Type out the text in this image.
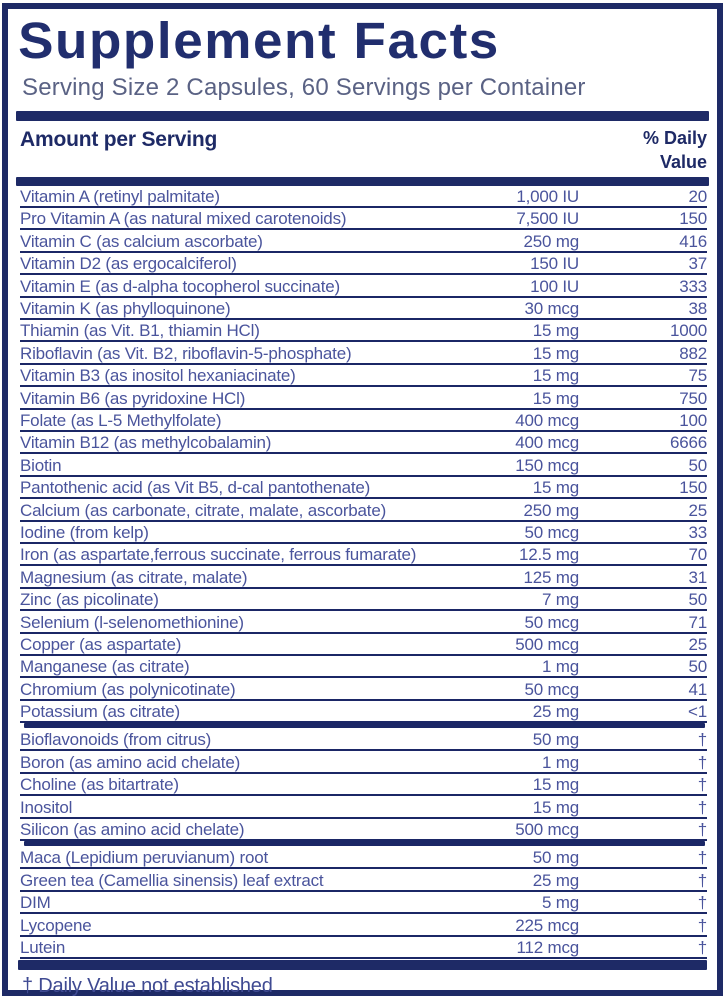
Supplement Facts
Serving Size 2 Capsules, 60 Servings per Container
Amount per Serving	% Daily
Value
Vitamin A (retinyl palmitate)	1,000 IU	20
Pro Vitamin A (as natural mixed carotenoids)	7,500 IU	150
Vitamin C (as calcium ascorbate)	250 mg	416
Vitamin D2 (as ergocalciferol)	150 IU	37
Vitamin E (as d-alpha tocopherol succinate)	100 IU	333
Vitamin K (as phylloquinone)	30 mcg	38
Thiamin (as Vit. B1, thiamin HCl)	15 mg	1000
Riboflavin (as Vit. B2, riboflavin-5-phosphate)	15 mg	882
Vitamin B3 (as inositol hexaniacinate)	15 mg	75
Vitamin B6 (as pyridoxine HCl)	15 mg	750
Folate (as L-5 Methylfolate)	400 mcg	100
Vitamin B12 (as methylcobalamin)	400 mcg	6666
Biotin	150 mcg	50
Pantothenic acid (as Vit B5, d-cal pantothenate)	15 mg	150
Calcium (as carbonate, citrate, malate, ascorbate)	250 mg	25
Iodine (from kelp)	50 mcg	33
Iron (as aspartate,ferrous succinate, ferrous fumarate)	12.5 mg	70
Magnesium (as citrate, malate)	125 mg	31
Zinc (as picolinate)	7 mg	50
Selenium (l-selenomethionine)	50 mcg	71
Copper (as aspartate)	500 mcg	25
Manganese (as citrate)	1 mg	50
Chromium (as polynicotinate)	50 mcg	41
Potassium (as citrate)	25 mg	<1
Bioflavonoids (from citrus)	50 mg	†
Boron (as amino acid chelate)	1 mg	†
Choline (as bitartrate)	15 mg	†
Inositol	15 mg	†
Silicon (as amino acid chelate)	500 mcg	†
Maca (Lepidium peruvianum) root	50 mg	†
Green tea (Camellia sinensis) leaf extract	25 mg	†
DIM	5 mg	†
Lycopene	225 mcg	†
Lutein	112 mcg	†
† Daily Value not established
